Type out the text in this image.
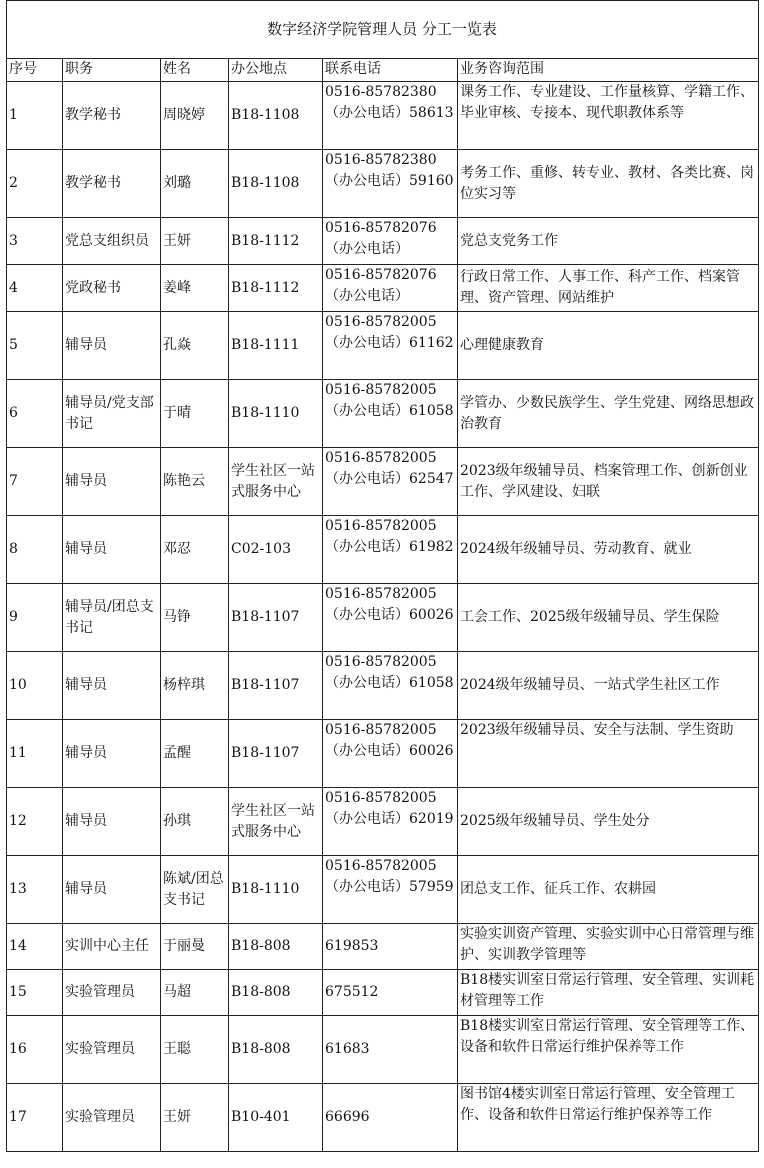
数字经济学院管理人员 分工一览表					
序号	职务	姓名	办公地点	联系电话	业务咨询范围
1	教学秘书	周晓婷	B18-1108	0516-85782380（办公电话）58613	课务工作、专业建设、工作量核算、学籍工作、毕业审核、专接本、现代职教体系等
2	教学秘书	刘璐	B18-1108	0516-85782380（办公电话）59160	考务工作、重修、转专业、教材、各类比赛、岗位实习等
3	党总支组织员	王妍	B18-1112	0516-85782076（办公电话）	党总支党务工作
4	党政秘书	姜峰	B18-1112	0516-85782076（办公电话）	行政日常工作、人事工作、科产工作、档案管理、资产管理、网站维护
5	辅导员	孔焱	B18-1111	0516-85782005（办公电话）61162	心理健康教育
6	辅导员/党支部书记	于晴	B18-1110	0516-85782005（办公电话）61058	学管办、少数民族学生、学生党建、网络思想政治教育
7	辅导员	陈艳云	学生社区一站式服务中心	0516-85782005（办公电话）62547	2023级年级辅导员、档案管理工作、创新创业工作、学风建设、妇联
8	辅导员	邓忍	C02-103	0516-85782005（办公电话）61982	2024级年级辅导员、劳动教育、就业
9	辅导员/团总支书记	马铮	B18-1107	0516-85782005（办公电话）60026	工会工作、2025级年级辅导员、学生保险
10	辅导员	杨梓琪	B18-1107	0516-85782005（办公电话）61058	2024级年级辅导员、一站式学生社区工作
11	辅导员	孟醒	B18-1107	0516-85782005（办公电话）60026	2023级年级辅导员、安全与法制、学生资助
12	辅导员	孙琪	学生社区一站式服务中心	0516-85782005（办公电话）62019	2025级年级辅导员、学生处分
13	辅导员	陈斌/团总支书记	B18-1110	0516-85782005（办公电话）57959	团总支工作、征兵工作、农耕园
14	实训中心主任	于丽曼	B18-808	619853	实验实训资产管理、实验实训中心日常管理与维护、实训教学管理等
15	实验管理员	马超	B18-808	675512	B18楼实训室日常运行管理、安全管理、实训耗材管理等工作
16	实验管理员	王聪	B18-808	61683	B18楼实训室日常运行管理、安全管理等工作、设备和软件日常运行维护保养等工作
17	实验管理员	王妍	B10-401	66696	图书馆4楼实训室日常运行管理、安全管理工作、设备和软件日常运行维护保养等工作
